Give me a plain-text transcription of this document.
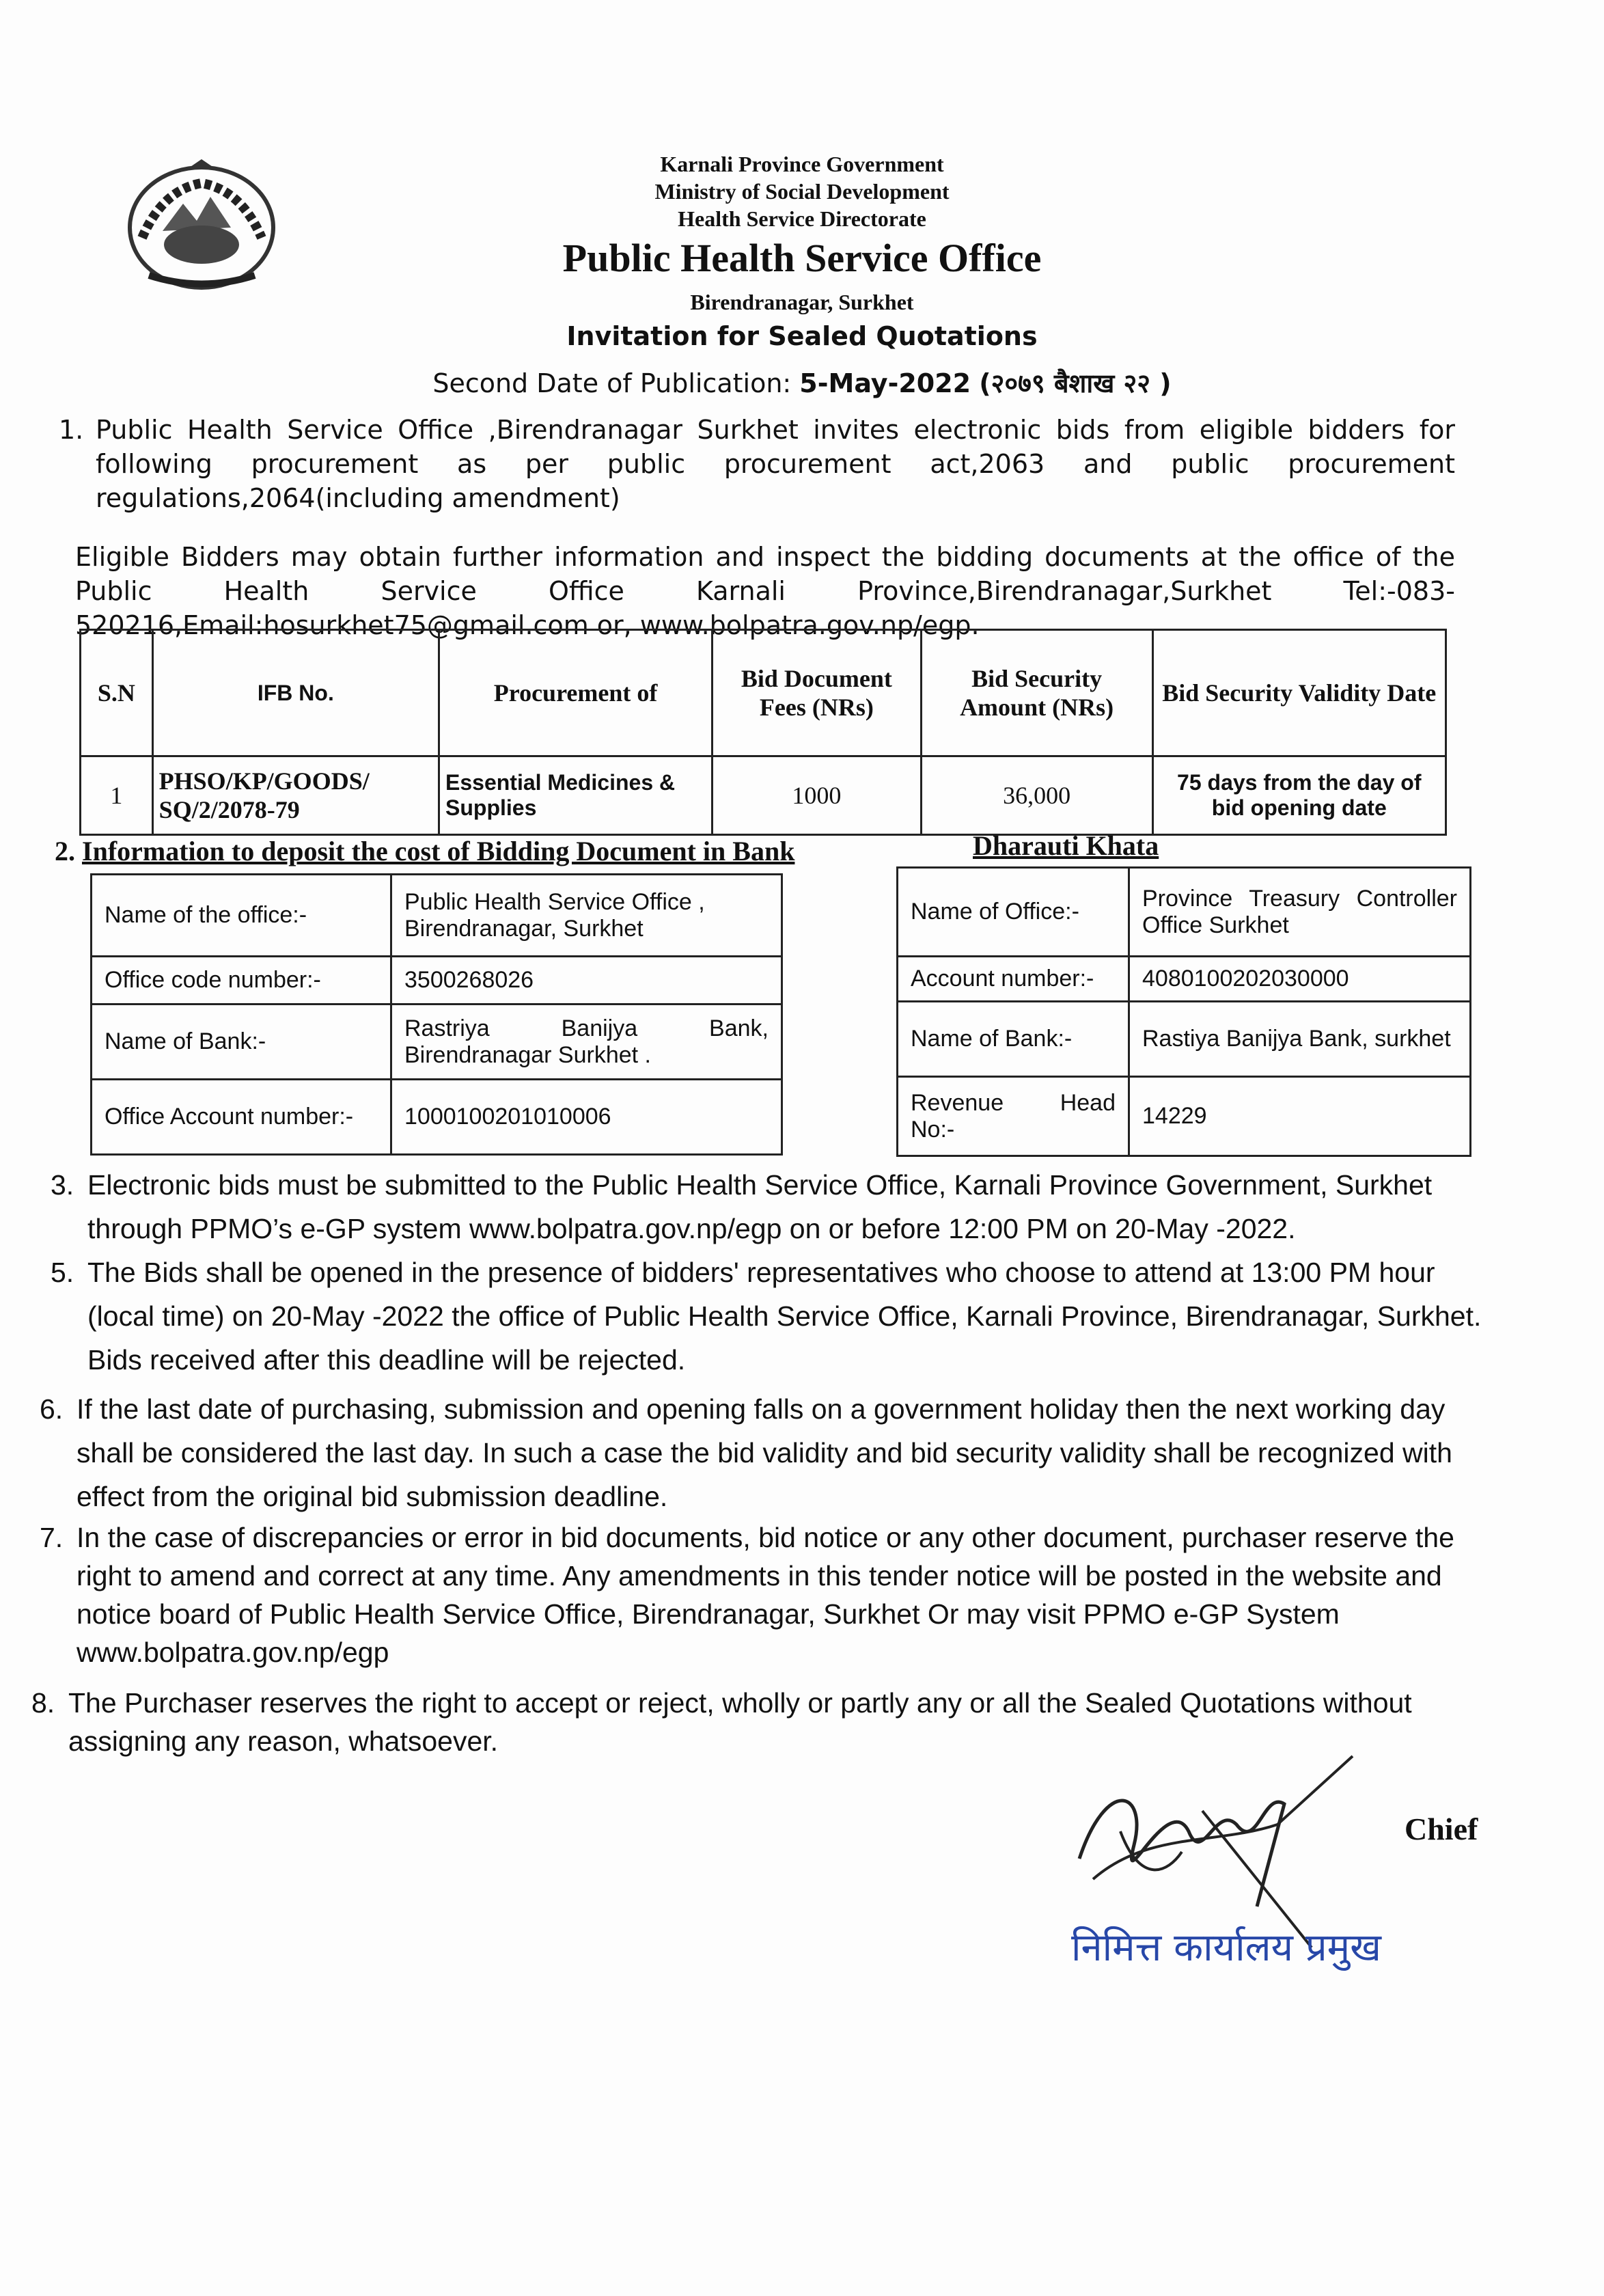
Karnali Province Government
Ministry of Social Development
Health Service Directorate
Public Health Service Office
Birendranagar, Surkhet
Invitation for Sealed Quotations
Second Date of Publication: 5-May-2022 (२०७९ बैशाख २२ )
1. Public Health Service Office ,Birendranagar Surkhet invites electronic bids from eligible bidders for following procurement as per public procurement act,2063 and public procurement regulations,2064(including amendment)
Eligible Bidders may obtain further information and inspect the bidding documents at the office of the Public Health Service Office Karnali Province,Birendranagar,Surkhet Tel:-083-520216,Email:hosurkhet75@gmail.com or, www.bolpatra.gov.np/egp.
S.N	IFB No.	Procurement of	Bid Document Fees (NRs)	Bid Security Amount (NRs)	Bid Security Validity Date
1	PHSO/KP/GOODS/ SQ/2/2078-79	Essential Medicines & Supplies	1000	36,000	75 days from the day of bid opening date
2. Information to deposit the cost of Bidding Document in Bank	Dharauti Khata
Name of the office:-	Public Health Service Office , Birendranagar, Surkhet
Office code number:-	3500268026
Name of Bank:-	Rastriya Banijya Bank, Birendranagar Surkhet .
Office Account number:-	1000100201010006
Name of Office:-	Province Treasury Controller Office Surkhet
Account number:-	4080100202030000
Name of Bank:-	Rastiya Banijya Bank, surkhet
Revenue Head No:-	14229
3. Electronic bids must be submitted to the Public Health Service Office, Karnali Province Government, Surkhet through PPMO’s e-GP system www.bolpatra.gov.np/egp on or before 12:00 PM on 20-May -2022.
5. The Bids shall be opened in the presence of bidders' representatives who choose to attend at 13:00 PM hour (local time) on 20-May -2022 the office of Public Health Service Office, Karnali Province, Birendranagar, Surkhet. Bids received after this deadline will be rejected.
6. If the last date of purchasing, submission and opening falls on a government holiday then the next working day shall be considered the last day. In such a case the bid validity and bid security validity shall be recognized with effect from the original bid submission deadline.
7. In the case of discrepancies or error in bid documents, bid notice or any other document, purchaser reserve the right to amend and correct at any time. Any amendments in this tender notice will be posted in the website and notice board of Public Health Service Office, Birendranagar, Surkhet Or may visit PPMO e-GP System www.bolpatra.gov.np/egp
8. The Purchaser reserves the right to accept or reject, wholly or partly any or all the Sealed Quotations without assigning any reason, whatsoever.
Chief
निमित्त कार्यालय प्रमुख
